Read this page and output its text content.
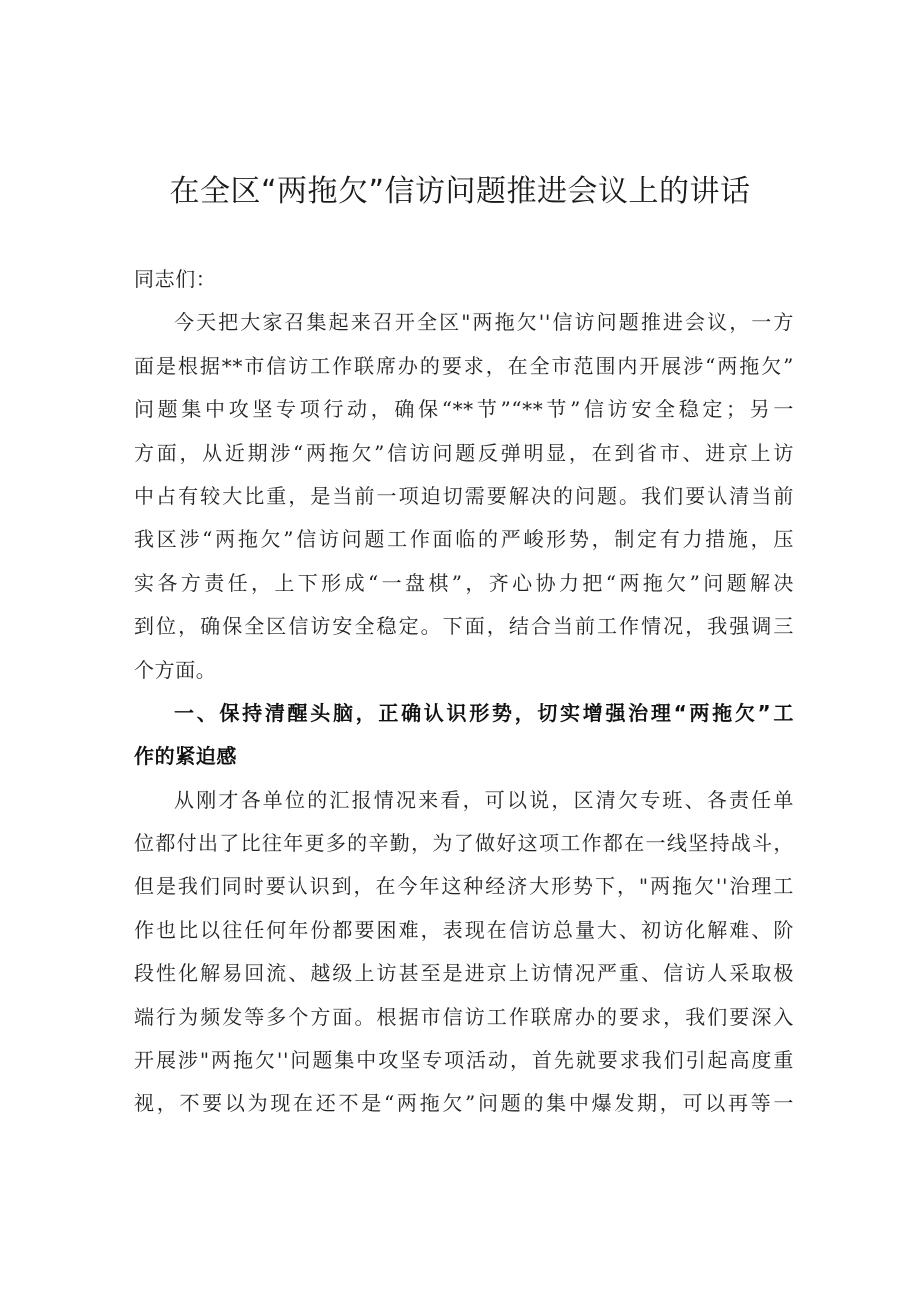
在全区“两拖欠”信访问题推进会议上的讲话
同志们：
今天把大家召集起来召开全区"两拖欠''信访问题推进会议，一方
面是根据**市信访工作联席办的要求，在全市范围内开展涉“两拖欠”
问题集中攻坚专项行动，确保“**节”“**节”信访安全稳定；另一
方面，从近期涉“两拖欠”信访问题反弹明显，在到省市、进京上访
中占有较大比重，是当前一项迫切需要解决的问题。我们要认清当前
我区涉“两拖欠”信访问题工作面临的严峻形势，制定有力措施，压
实各方责任，上下形成“一盘棋”，齐心协力把“两拖欠”问题解决
到位，确保全区信访安全稳定。下面，结合当前工作情况，我强调三
个方面。
一、保持清醒头脑，正确认识形势，切实增强治理“两拖欠”工
作的紧迫感
从刚才各单位的汇报情况来看，可以说，区清欠专班、各责任单
位都付出了比往年更多的辛勤，为了做好这项工作都在一线坚持战斗，
但是我们同时要认识到，在今年这种经济大形势下，"两拖欠''治理工
作也比以往任何年份都要困难，表现在信访总量大、初访化解难、阶
段性化解易回流、越级上访甚至是进京上访情况严重、信访人采取极
端行为频发等多个方面。根据市信访工作联席办的要求，我们要深入
开展涉"两拖欠''问题集中攻坚专项活动，首先就要求我们引起高度重
视，不要以为现在还不是“两拖欠”问题的集中爆发期，可以再等一
